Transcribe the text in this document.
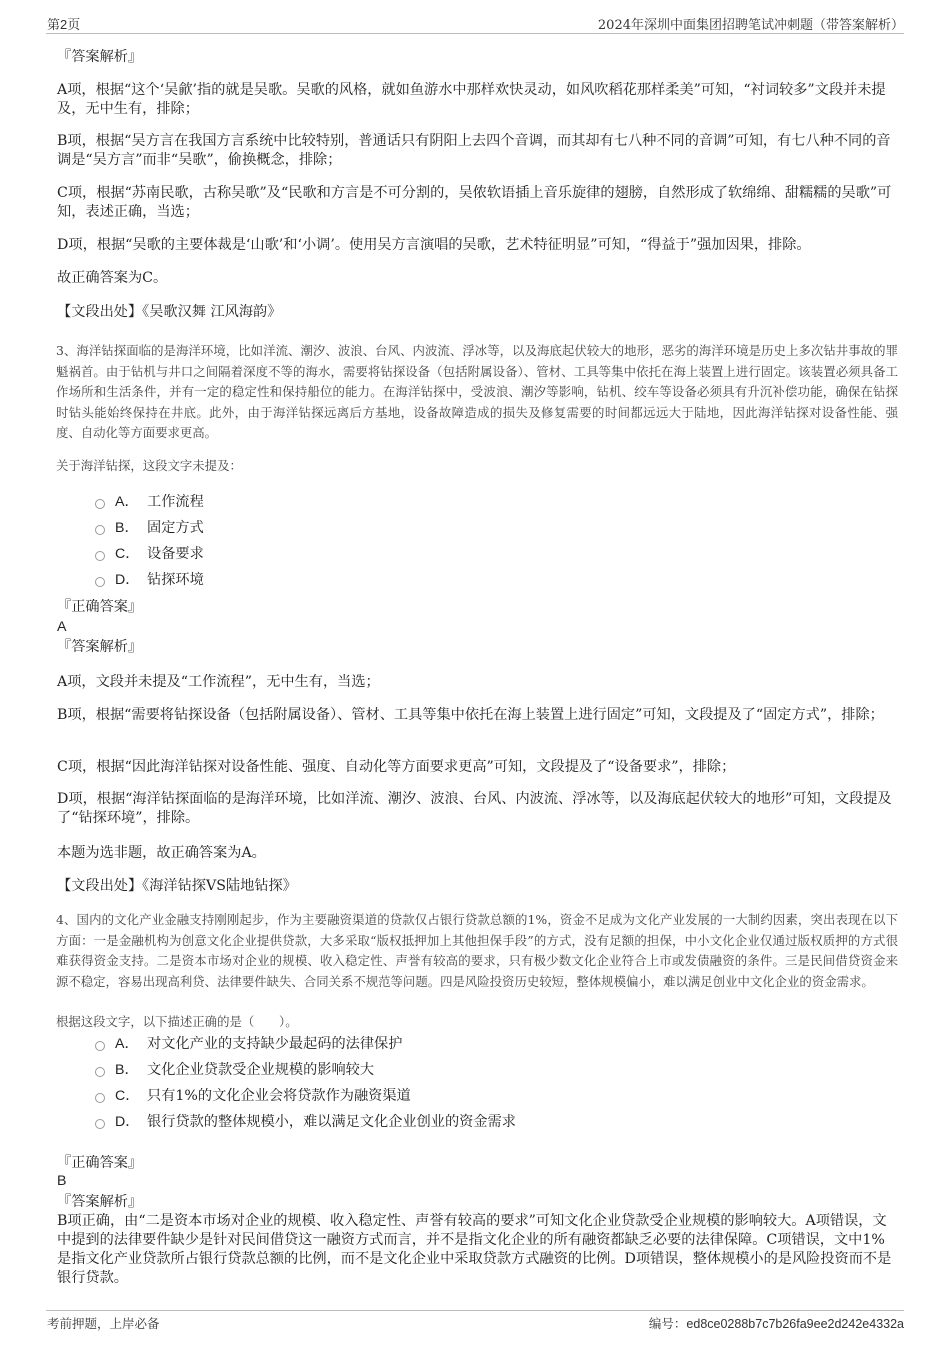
第2页	2024年深圳中面集团招聘笔试冲刺题（带答案解析）
『答案解析』
A项，根据“这个‘吴歈’指的就是吴歌。吴歌的风格，就如鱼游水中那样欢快灵动，如风吹稻花那样柔美”可知，“衬词较多”文段并未提及，无中生有，排除；
B项，根据“吴方言在我国方言系统中比较特别，普通话只有阴阳上去四个音调，而其却有七八种不同的音调”可知，有七八种不同的音调是“吴方言”而非“吴歌”，偷换概念，排除；
C项，根据“苏南民歌，古称吴歌”及“民歌和方言是不可分割的，吴侬软语插上音乐旋律的翅膀，自然形成了软绵绵、甜糯糯的吴歌”可知，表述正确，当选；
D项，根据“吴歌的主要体裁是‘山歌’和‘小调’。使用吴方言演唱的吴歌，艺术特征明显”可知，“得益于”强加因果，排除。
故正确答案为C。
【文段出处】《吴歌汉舞 江风海韵》
3、海洋钻探面临的是海洋环境，比如洋流、潮汐、波浪、台风、内波流、浮冰等，以及海底起伏较大的地形，恶劣的海洋环境是历史上多次钻井事故的罪魁祸首。由于钻机与井口之间隔着深度不等的海水，需要将钻探设备（包括附属设备）、管材、工具等集中依托在海上装置上进行固定。该装置必须具备工作场所和生活条件，并有一定的稳定性和保持船位的能力。在海洋钻探中，受波浪、潮汐等影响，钻机、绞车等设备必须具有升沉补偿功能，确保在钻探时钻头能始终保持在井底。此外，由于海洋钻探远离后方基地，设备故障造成的损失及修复需要的时间都远远大于陆地，因此海洋钻探对设备性能、强度、自动化等方面要求更高。
关于海洋钻探，这段文字未提及：
A． 工作流程
B． 固定方式
C． 设备要求
D． 钻探环境
『正确答案』
A
『答案解析』
A项，文段并未提及“工作流程”，无中生有，当选；
B项，根据“需要将钻探设备（包括附属设备）、管材、工具等集中依托在海上装置上进行固定”可知，文段提及了“固定方式”，排除；
C项，根据“因此海洋钻探对设备性能、强度、自动化等方面要求更高”可知，文段提及了“设备要求”，排除；
D项，根据“海洋钻探面临的是海洋环境，比如洋流、潮汐、波浪、台风、内波流、浮冰等，以及海底起伏较大的地形”可知，文段提及了“钻探环境”，排除。
本题为选非题，故正确答案为A。
【文段出处】《海洋钻探VS陆地钻探》
4、国内的文化产业金融支持刚刚起步，作为主要融资渠道的贷款仅占银行贷款总额的1%，资金不足成为文化产业发展的一大制约因素，突出表现在以下方面：一是金融机构为创意文化企业提供贷款，大多采取“版权抵押加上其他担保手段”的方式，没有足额的担保，中小文化企业仅通过版权质押的方式很难获得资金支持。二是资本市场对企业的规模、收入稳定性、声誉有较高的要求，只有极少数文化企业符合上市或发债融资的条件。三是民间借贷资金来源不稳定，容易出现高利贷、法律要件缺失、合同关系不规范等问题。四是风险投资历史较短，整体规模偏小，难以满足创业中文化企业的资金需求。
根据这段文字，以下描述正确的是（　　）。
A． 对文化产业的支持缺少最起码的法律保护
B． 文化企业贷款受企业规模的影响较大
C． 只有1%的文化企业会将贷款作为融资渠道
D． 银行贷款的整体规模小，难以满足文化企业创业的资金需求
『正确答案』
B
『答案解析』
B项正确，由“二是资本市场对企业的规模、收入稳定性、声誉有较高的要求”可知文化企业贷款受企业规模的影响较大。A项错误，文中提到的法律要件缺少是针对民间借贷这一融资方式而言，并不是指文化企业的所有融资都缺乏必要的法律保障。C项错误，文中1%是指文化产业贷款所占银行贷款总额的比例，而不是文化企业中采取贷款方式融资的比例。D项错误，整体规模小的是风险投资而不是银行贷款。
考前押题，上岸必备	编号：ed8ce0288b7c7b26fa9ee2d242e4332a
